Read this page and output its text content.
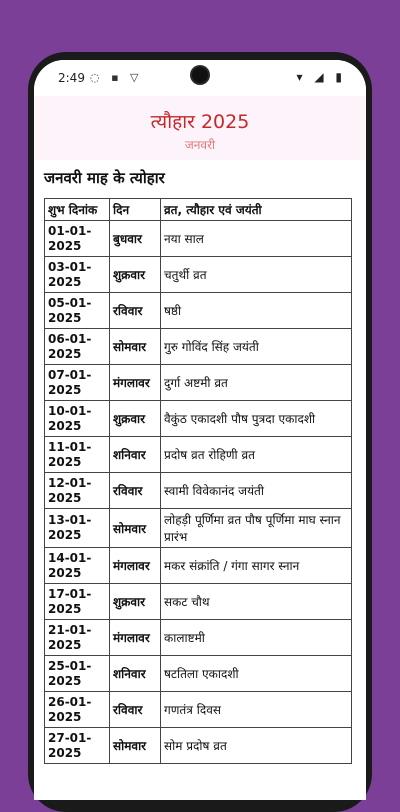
2:49 ◌ ▪ ▽	▾ ◢ ▮
त्यौहार 2025
जनवरी
जनवरी माह के त्योहार
शुभ दिनांक	दिन	व्रत, त्यौहार एवं जयंती
01-01-2025	बुधवार	नया साल
03-01-2025	शुक्रवार	चतुर्थी व्रत
05-01-2025	रविवार	षष्ठी
06-01-2025	सोमवार	गुरु गोविंद सिंह जयंती
07-01-2025	मंगलावर	दुर्गा अष्टमी व्रत
10-01-2025	शुक्रवार	वैकुंठ एकादशी पौष पुत्रदा एकादशी
11-01-2025	शनिवार	प्रदोष व्रत रोहिणी व्रत
12-01-2025	रविवार	स्वामी विवेकानंद जयंती
13-01-2025	सोमवार	लोहड़ी पूर्णिमा व्रत पौष पूर्णिमा माघ स्नान प्रारंभ
14-01-2025	मंगलावर	मकर संक्रांति / गंगा सागर स्नान
17-01-2025	शुक्रवार	सकट चौथ
21-01-2025	मंगलावर	कालाष्टमी
25-01-2025	शनिवार	षटतिला एकादशी
26-01-2025	रविवार	गणतंत्र दिवस
27-01-2025	सोमवार	सोम प्रदोष व्रत
